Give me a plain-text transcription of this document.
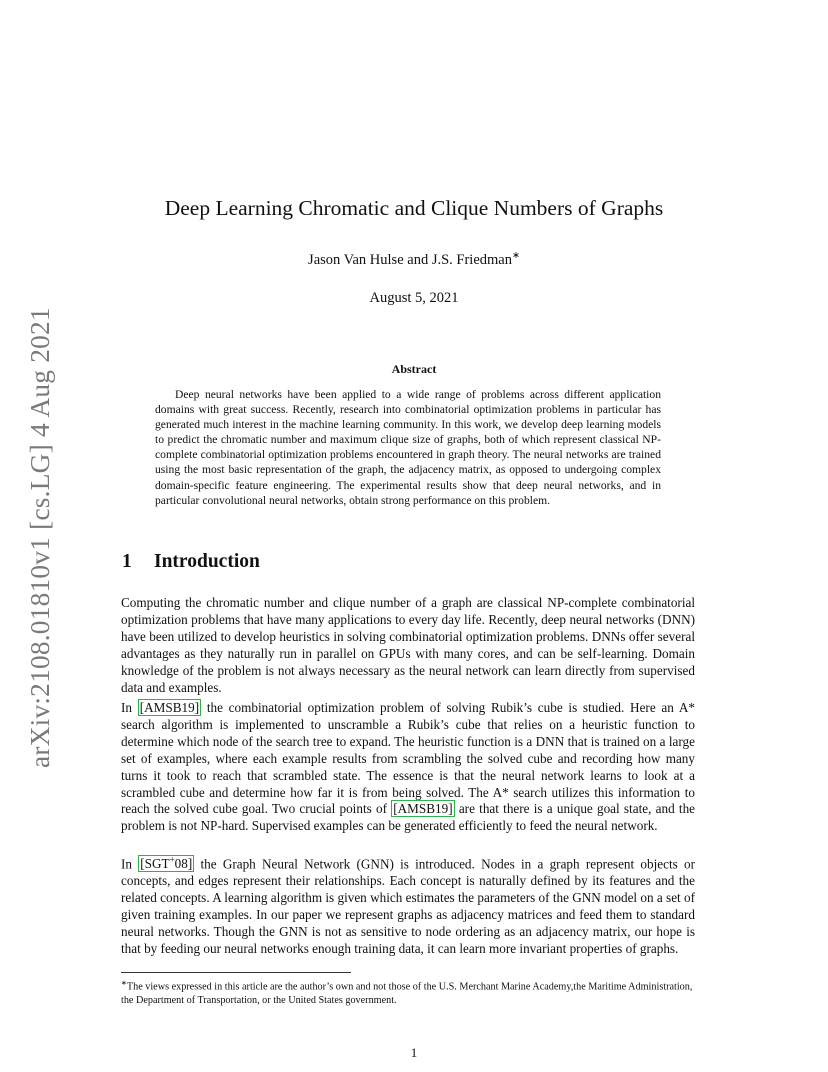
arXiv:2108.01810v1 [cs.LG] 4 Aug 2021
Deep Learning Chromatic and Clique Numbers of Graphs
Jason Van Hulse and J.S. Friedman∗
August 5, 2021
Abstract
Deep neural networks have been applied to a wide range of problems across different application domains with great success. Recently, research into combinatorial optimization problems in particular has generated much interest in the machine learning community. In this work, we develop deep learning models to predict the chromatic number and maximum clique size of graphs, both of which represent classical NP-complete combinatorial optimization problems encountered in graph theory. The neural networks are trained using the most basic representation of the graph, the adjacency matrix, as opposed to undergoing complex domain-specific feature engineering. The experimental results show that deep neural networks, and in particular convolutional neural networks, obtain strong performance on this problem.
1 Introduction
Computing the chromatic number and clique number of a graph are classical NP-complete combinatorial optimization problems that have many applications to every day life. Recently, deep neural networks (DNN) have been utilized to develop heuristics in solving combinatorial optimization problems. DNNs offer several advantages as they naturally run in parallel on GPUs with many cores, and can be self-learning. Domain knowledge of the problem is not always necessary as the neural network can learn directly from supervised data and examples.
In [AMSB19] the combinatorial optimization problem of solving Rubik’s cube is studied. Here an A* search algorithm is implemented to unscramble a Rubik’s cube that relies on a heuristic function to determine which node of the search tree to expand. The heuristic function is a DNN that is trained on a large set of examples, where each example results from scrambling the solved cube and recording how many turns it took to reach that scrambled state. The essence is that the neural network learns to look at a scrambled cube and determine how far it is from being solved. The A* search utilizes this information to reach the solved cube goal. Two crucial points of [AMSB19] are that there is a unique goal state, and the problem is not NP-hard. Supervised examples can be generated efficiently to feed the neural network.
In [SGT+08] the Graph Neural Network (GNN) is introduced. Nodes in a graph represent objects or concepts, and edges represent their relationships. Each concept is naturally defined by its features and the related concepts. A learning algorithm is given which estimates the parameters of the GNN model on a set of given training examples. In our paper we represent graphs as adjacency matrices and feed them to standard neural networks. Though the GNN is not as sensitive to node ordering as an adjacency matrix, our hope is that by feeding our neural networks enough training data, it can learn more invariant properties of graphs.
∗The views expressed in this article are the author’s own and not those of the U.S. Merchant Marine Academy,the Maritime Administration, the Department of Transportation, or the United States government.
1
